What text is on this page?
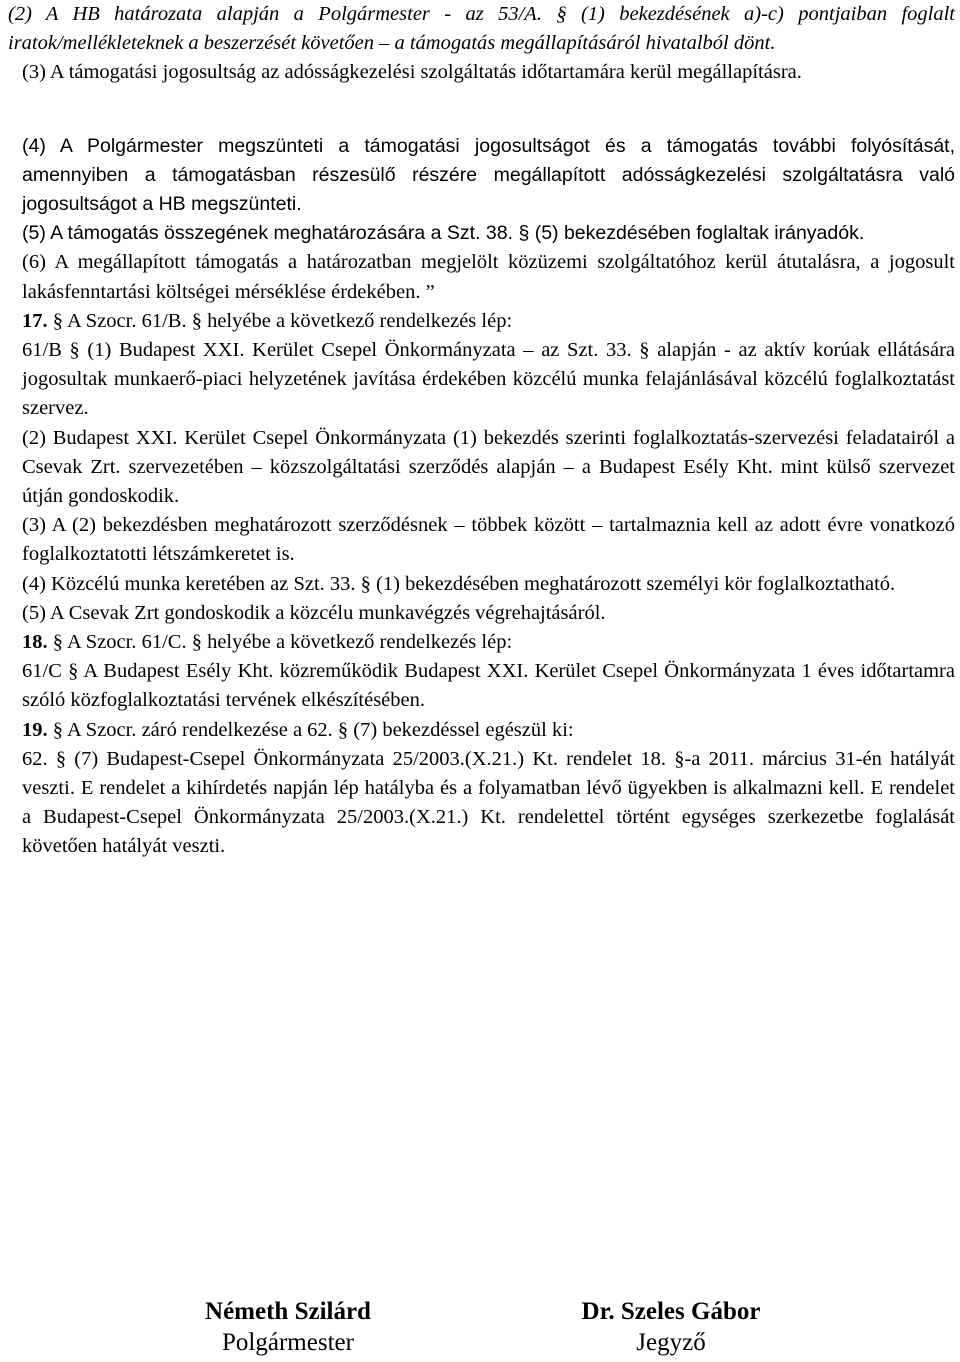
(2) A HB határozata alapján a Polgármester - az 53/A. § (1) bekezdésének a)-c) pontjaiban foglalt iratok/mellékleteknek a beszerzését követően – a támogatás megállapításáról hivatalból dönt.

(3) A támogatási jogosultság az adósságkezelési szolgáltatás időtartamára kerül megállapításra.

(4) A Polgármester megszünteti a támogatási jogosultságot és a támogatás további folyósítását, amennyiben a támogatásban részesülő részére megállapított adósságkezelési szolgáltatásra való jogosultságot a HB megszünteti.

(5) A támogatás összegének meghatározására a Szt. 38. § (5) bekezdésében foglaltak irányadók.

(6) A megállapított támogatás a határozatban megjelölt közüzemi szolgáltatóhoz kerül átutalásra, a jogosult lakásfenntartási költségei mérséklése érdekében. ”

17. § A Szocr. 61/B. § helyébe a következő rendelkezés lép:

61/B § (1) Budapest XXI. Kerület Csepel Önkormányzata – az Szt. 33. § alapján - az aktív korúak ellátására jogosultak munkaerő-piaci helyzetének javítása érdekében közcélú munka felajánlásával közcélú foglalkoztatást szervez.

(2) Budapest XXI. Kerület Csepel Önkormányzata (1) bekezdés szerinti foglalkoztatás-szervezési feladatairól a Csevak Zrt. szervezetében – közszolgáltatási szerződés alapján – a Budapest Esély Kht. mint külső szervezet útján gondoskodik.

(3) A (2) bekezdésben meghatározott szerződésnek – többek között – tartalmaznia kell az adott évre vonatkozó foglalkoztatotti létszámkeretet is.

(4) Közcélú munka keretében az Szt. 33. § (1) bekezdésében meghatározott személyi kör foglalkoztatható.

(5) A Csevak Zrt gondoskodik a közcélu munkavégzés végrehajtásáról.

18. § A Szocr. 61/C. § helyébe a következő rendelkezés lép:

61/C § A Budapest Esély Kht. közreműködik Budapest XXI. Kerület Csepel Önkormányzata 1 éves időtartamra szóló közfoglalkoztatási tervének elkészítésében.

19. § A Szocr. záró rendelkezése a 62. § (7) bekezdéssel egészül ki:

62. § (7) Budapest-Csepel Önkormányzata 25/2003.(X.21.) Kt. rendelet 18. §-a 2011. március 31-én hatályát veszti. E rendelet a kihírdetés napján lép hatályba és a folyamatban lévő ügyekben is alkalmazni kell. E rendelet a Budapest-Csepel Önkormányzata 25/2003.(X.21.) Kt. rendelettel történt egységes szerkezetbe foglalását követően hatályát veszti.

Németh Szilárd
Polgármester
Dr. Szeles Gábor
Jegyző
